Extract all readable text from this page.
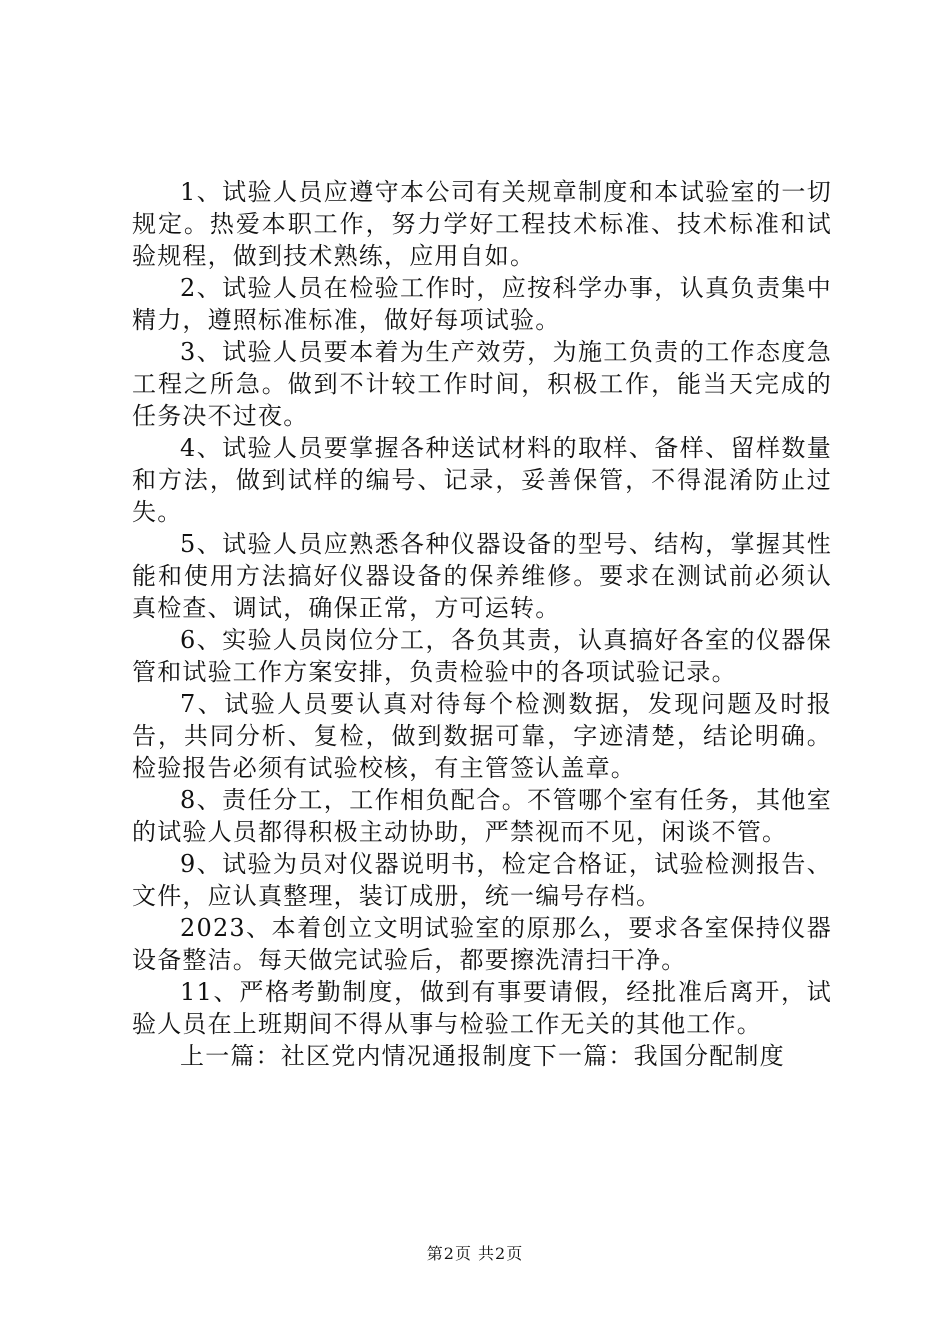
1、试验人员应遵守本公司有关规章制度和本试验室的一切规定。热爱本职工作，努力学好工程技术标准、技术标准和试验规程，做到技术熟练，应用自如。

2、试验人员在检验工作时，应按科学办事，认真负责集中精力，遵照标准标准，做好每项试验。

3、试验人员要本着为生产效劳，为施工负责的工作态度急工程之所急。做到不计较工作时间，积极工作，能当天完成的任务决不过夜。

4、试验人员要掌握各种送试材料的取样、备样、留样数量和方法，做到试样的编号、记录，妥善保管，不得混淆防止过失。

5、试验人员应熟悉各种仪器设备的型号、结构，掌握其性能和使用方法搞好仪器设备的保养维修。要求在测试前必须认真检查、调试，确保正常，方可运转。

6、实验人员岗位分工，各负其责，认真搞好各室的仪器保管和试验工作方案安排，负责检验中的各项试验记录。

7、试验人员要认真对待每个检测数据，发现问题及时报告，共同分析、复检，做到数据可靠，字迹清楚，结论明确。检验报告必须有试验校核，有主管签认盖章。

8、责任分工，工作相负配合。不管哪个室有任务，其他室的试验人员都得积极主动协助，严禁视而不见，闲谈不管。

9、试验为员对仪器说明书，检定合格证，试验检测报告、文件，应认真整理，装订成册，统一编号存档。

2023、本着创立文明试验室的原那么，要求各室保持仪器设备整洁。每天做完试验后，都要擦洗清扫干净。

11、严格考勤制度，做到有事要请假，经批准后离开，试验人员在上班期间不得从事与检验工作无关的其他工作。

上一篇：社区党内情况通报制度下一篇：我国分配制度

第2页 共2页
